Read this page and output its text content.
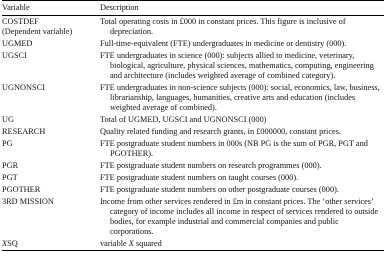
Variable	Description

COSTDEF
(Dependent variable)	Total operating costs in £000 in constant prices. This figure is inclusive of depreciation.

UGMED	Full-time-equivalent (FTE) undergraduates in medicine or dentistry (000).

UGSCI	FTE undergraduates in science (000): subjects allied to medicine, veterinary, biological, agriculture, physical sciences, mathematics, computing, engineering and architecture (includes weighted average of combined category).

UGNONSCI	FTE undergraduates in non-science subjects (000): social, economics, law, business, librarianship, languages, humanities, creative arts and education (includes weighted average of combined).

UG	Total of UGMED, UGSCI and UGNONSCI (000)

RESEARCH	Quality related funding and research grants, in £000000, constant prices.

PG	FTE postgraduate student numbers in 000s (NB PG is the sum of PGR, PGT and PGOTHER).

PGR	FTE postgraduate student numbers on research programmes (000).

PGT	FTE postgraduate student numbers on taught courses (000).

PGOTHER	FTE postgraduate student numbers on other postgraduate courses (000).

3RD MISSION	Income from other services rendered in £m in constant prices. The ‘other services’ category of income includes all income in respect of services rendered to outside bodies, for example industrial and commercial companies and public corporations.

XSQ	variable X squared
